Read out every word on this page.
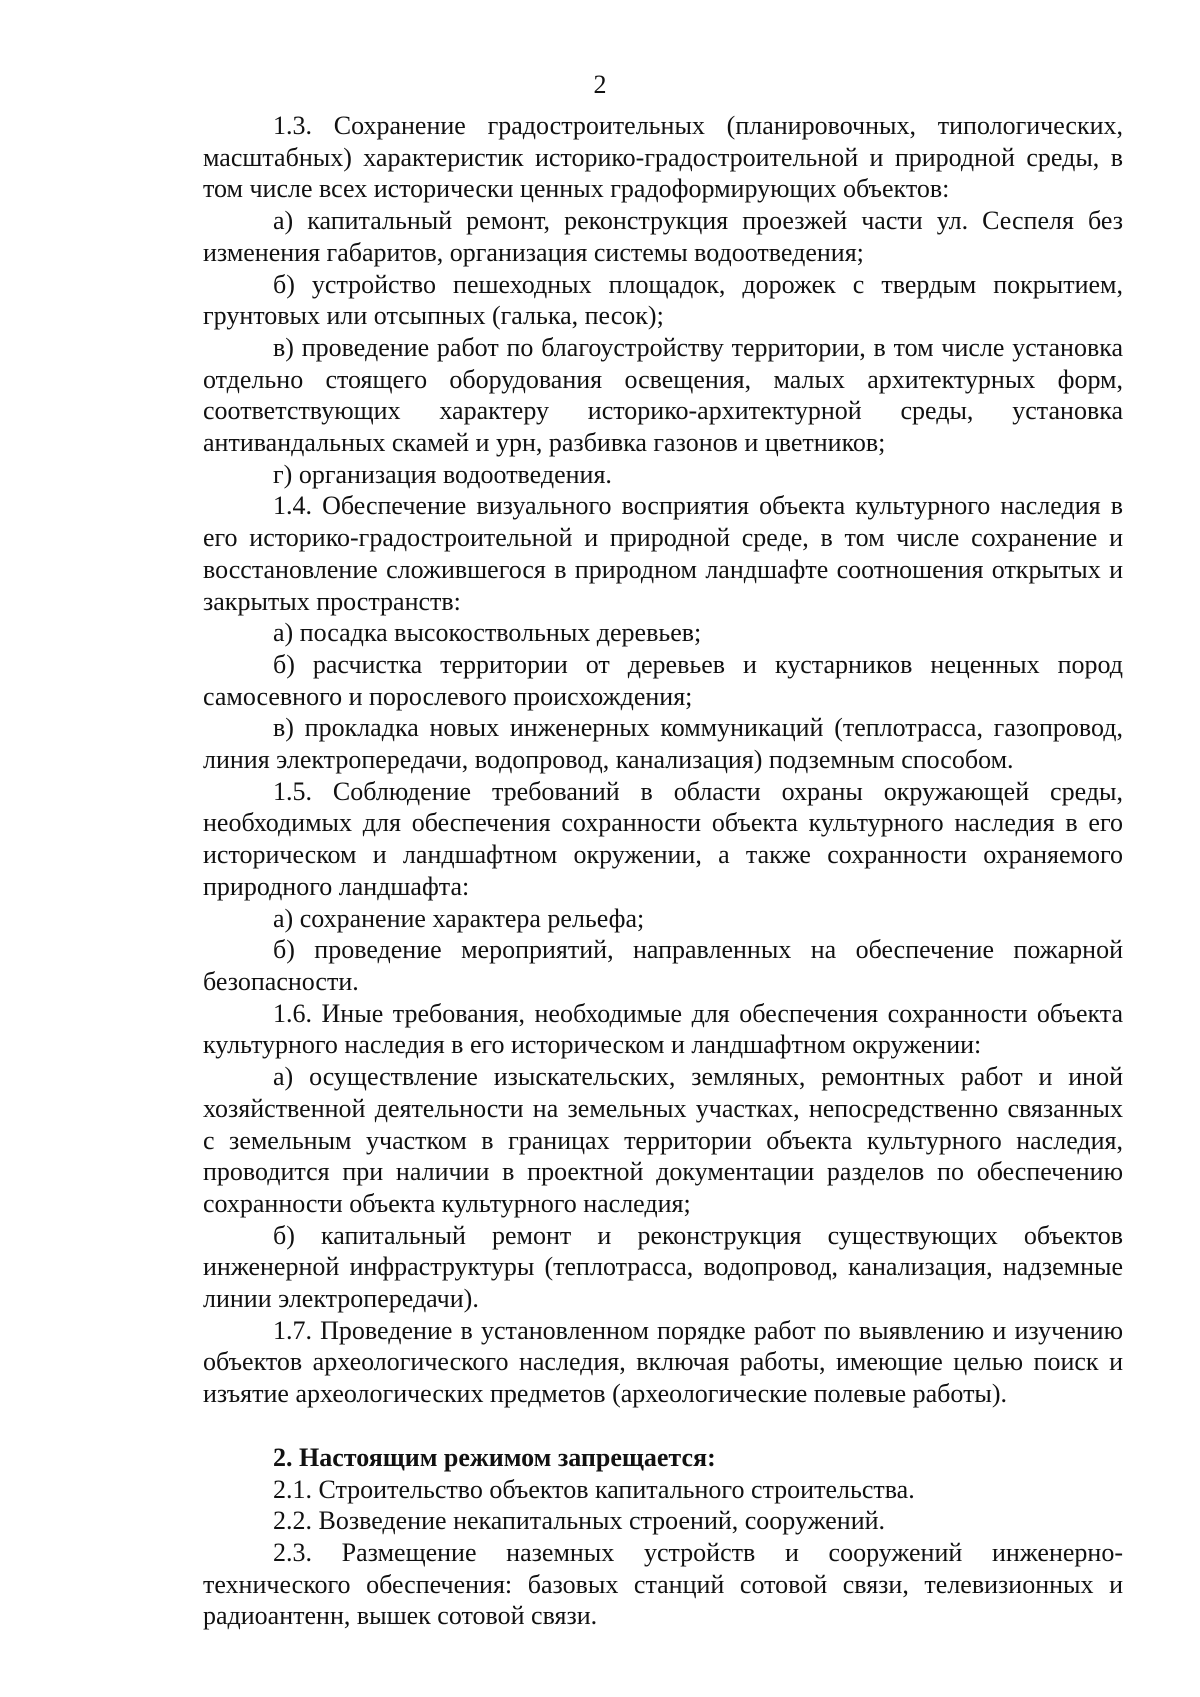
2

1.3. Сохранение градостроительных (планировочных, типологических, масштабных) характеристик историко-градостроительной и природной среды, в том числе всех исторически ценных градоформирующих объектов:

а) капитальный ремонт, реконструкция проезжей части ул. Сеспеля без изменения габаритов, организация системы водоотведения;

б) устройство пешеходных площадок, дорожек с твердым покрытием, грунтовых или отсыпных (галька, песок);

в) проведение работ по благоустройству территории, в том числе установка отдельно стоящего оборудования освещения, малых архитектурных форм, соответствующих характеру историко-архитектурной среды, установка антивандальных скамей и урн, разбивка газонов и цветников;

г) организация водоотведения.

1.4. Обеспечение визуального восприятия объекта культурного наследия в его историко-градостроительной и природной среде, в том числе сохранение и восстановление сложившегося в природном ландшафте соотношения открытых и закрытых пространств:

а) посадка высокоствольных деревьев;

б) расчистка территории от деревьев и кустарников неценных пород самосевного и порослевого происхождения;

в) прокладка новых инженерных коммуникаций (теплотрасса, газопровод, линия электропередачи, водопровод, канализация) подземным способом.

1.5. Соблюдение требований в области охраны окружающей среды, необходимых для обеспечения сохранности объекта культурного наследия в его историческом и ландшафтном окружении, а также сохранности охраняемого природного ландшафта:

а) сохранение характера рельефа;

б) проведение мероприятий, направленных на обеспечение пожарной безопасности.

1.6. Иные требования, необходимые для обеспечения сохранности объекта культурного наследия в его историческом и ландшафтном окружении:

а) осуществление изыскательских, земляных, ремонтных работ и иной хозяйственной деятельности на земельных участках, непосредственно связанных с земельным участком в границах территории объекта культурного наследия, проводится при наличии в проектной документации разделов по обеспечению сохранности объекта культурного наследия;

б) капитальный ремонт и реконструкция существующих объектов инженерной инфраструктуры (теплотрасса, водопровод, канализация, надземные линии электропередачи).

1.7. Проведение в установленном порядке работ по выявлению и изучению объектов археологического наследия, включая работы, имеющие целью поиск и изъятие археологических предметов (археологические полевые работы).

2. Настоящим режимом запрещается:

2.1. Строительство объектов капитального строительства.

2.2. Возведение некапитальных строений, сооружений.

2.3. Размещение наземных устройств и сооружений инженерно-технического обеспечения: базовых станций сотовой связи, телевизионных и радиоантенн, вышек сотовой связи.
